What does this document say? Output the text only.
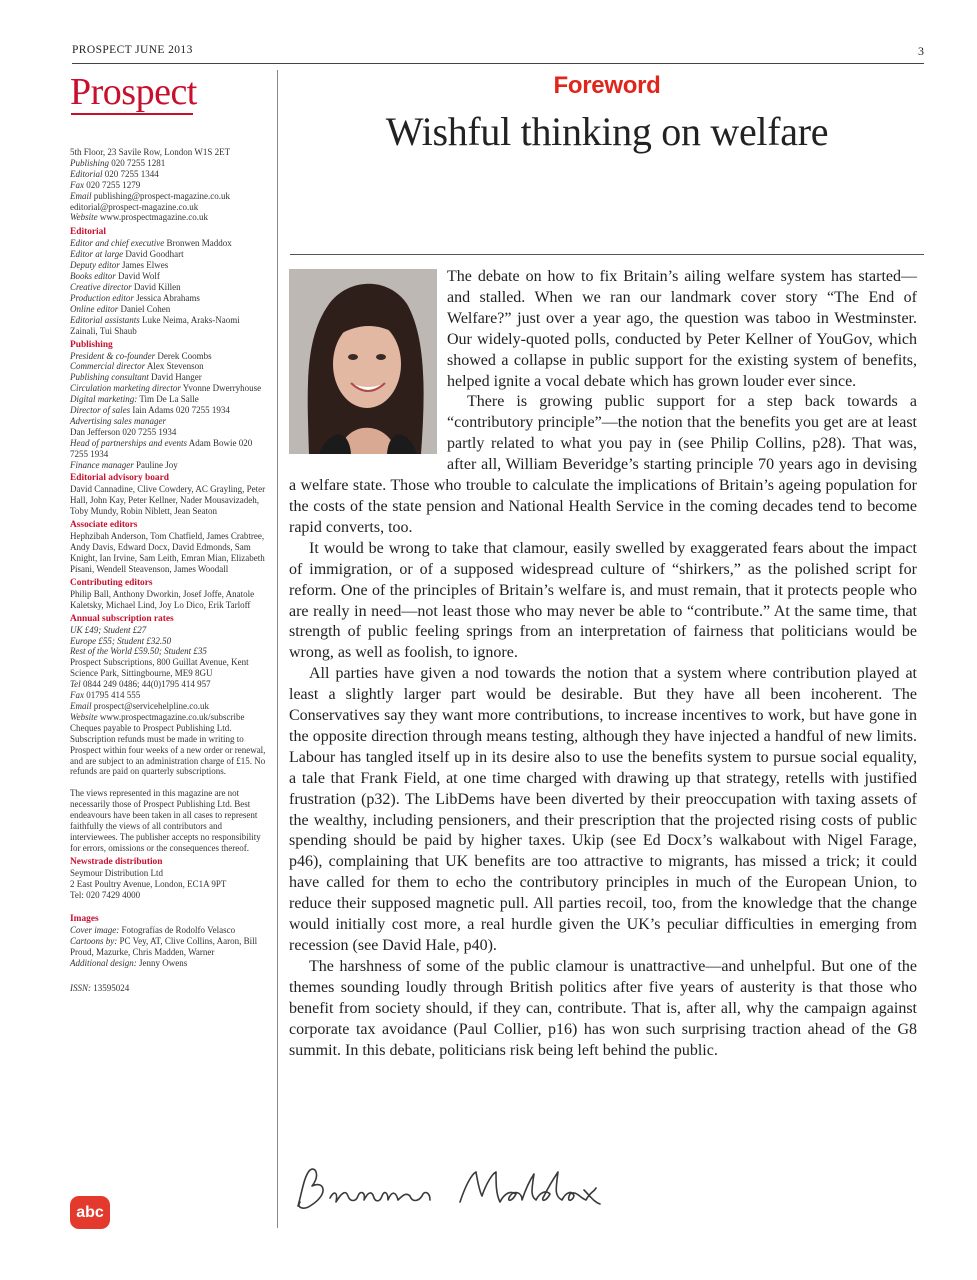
PROSPECT JUNE 2013	3
Prospect
5th Floor, 23 Savile Row, London W1S 2ET
Publishing 020 7255 1281
Editorial 020 7255 1344
Fax 020 7255 1279
Email publishing@prospect-magazine.co.uk
editorial@prospect-magazine.co.uk
Website www.prospectmagazine.co.uk
Editorial
Editor and chief executive Bronwen Maddox
Editor at large David Goodhart
Deputy editor James Elwes
Books editor David Wolf
Creative director David Killen
Production editor Jessica Abrahams
Online editor Daniel Cohen
Editorial assistants Luke Neima, Araks-Naomi Zainali, Tui Shaub
Publishing
President & co-founder Derek Coombs
Commercial director Alex Stevenson
Publishing consultant David Hanger
Circulation marketing director Yvonne Dwerryhouse
Digital marketing: Tim De La Salle
Director of sales Iain Adams 020 7255 1934
Advertising sales manager
Dan Jefferson 020 7255 1934
Head of partnerships and events Adam Bowie 020 7255 1934
Finance manager Pauline Joy
Editorial advisory board
David Cannadine, Clive Cowdery, AC Grayling, Peter Hall, John Kay, Peter Kellner, Nader Mousavizadeh, Toby Mundy, Robin Niblett, Jean Seaton
Associate editors
Hephzibah Anderson, Tom Chatfield, James Crabtree, Andy Davis, Edward Docx, David Edmonds, Sam Knight, Ian Irvine, Sam Leith, Emran Mian, Elizabeth Pisani, Wendell Steavenson, James Woodall
Contributing editors
Philip Ball, Anthony Dworkin, Josef Joffe, Anatole Kaletsky, Michael Lind, Joy Lo Dico, Erik Tarloff
Annual subscription rates
UK £49; Student £27
Europe £55; Student £32.50
Rest of the World £59.50; Student £35
Prospect Subscriptions, 800 Guillat Avenue, Kent Science Park, Sittingbourne, ME9 8GU
Tel 0844 249 0486; 44(0)1795 414 957
Fax 01795 414 555
Email prospect@servicehelpline.co.uk
Website www.prospectmagazine.co.uk/subscribe
Cheques payable to Prospect Publishing Ltd. Subscription refunds must be made in writing to Prospect within four weeks of a new order or renewal, and are subject to an administration charge of £15. No refunds are paid on quarterly subscriptions.
The views represented in this magazine are not necessarily those of Prospect Publishing Ltd. Best endeavours have been taken in all cases to represent faithfully the views of all contributors and interviewees. The publisher accepts no responsibility for errors, omissions or the consequences thereof.
Newstrade distribution
Seymour Distribution Ltd
2 East Poultry Avenue, London, EC1A 9PT
Tel: 020 7429 4000
Images
Cover image: Fotografías de Rodolfo Velasco
Cartoons by: PC Vey, AT, Clive Collins, Aaron, Bill Proud, Mazurke, Chris Madden, Warner
Additional design: Jenny Owens
ISSN: 13595024
abc
Foreword
Wishful thinking on welfare

The debate on how to fix Britain’s ailing welfare system has started—and stalled. When we ran our landmark cover story “The End of Welfare?” just over a year ago, the question was taboo in Westminster. Our widely-quoted polls, conducted by Peter Kellner of YouGov, which showed a collapse in public support for the existing system of benefits, helped ignite a vocal debate which has grown louder ever since.

There is growing public support for a step back towards a “contributory principle”—the notion that the benefits you get are at least partly related to what you pay in (see Philip Collins, p28). That was, after all, William Beveridge’s starting principle 70 years ago in devising a welfare state. Those who trouble to calculate the implications of Britain’s ageing population for the costs of the state pension and National Health Service in the coming decades tend to become rapid converts, too.

It would be wrong to take that clamour, easily swelled by exaggerated fears about the impact of immigration, or of a supposed widespread culture of “shirkers,” as the polished script for reform. One of the principles of Britain’s welfare is, and must remain, that it protects people who are really in need—not least those who may never be able to “contribute.” At the same time, that strength of public feeling springs from an interpretation of fairness that politicians would be wrong, as well as foolish, to ignore.

All parties have given a nod towards the notion that a system where contribution played at least a slightly larger part would be desirable. But they have all been incoherent. The Conservatives say they want more contributions, to increase incentives to work, but have gone in the opposite direction through means testing, although they have injected a handful of new limits. Labour has tangled itself up in its desire also to use the benefits system to pursue social equality, a tale that Frank Field, at one time charged with drawing up that strategy, retells with justified frustration (p32). The LibDems have been diverted by their preoccupation with taxing assets of the wealthy, including pensioners, and their prescription that the projected rising costs of public spending should be paid by higher taxes. Ukip (see Ed Docx’s walkabout with Nigel Farage, p46), complaining that UK benefits are too attractive to migrants, has missed a trick; it could have called for them to echo the contributory principles in much of the European Union, to reduce their supposed magnetic pull. All parties recoil, too, from the knowledge that the change would initially cost more, a real hurdle given the UK’s peculiar difficulties in emerging from recession (see David Hale, p40).

The harshness of some of the public clamour is unattractive—and unhelpful. But one of the themes sounding loudly through British politics after five years of austerity is that those who benefit from society should, if they can, contribute. That is, after all, why the campaign against corporate tax avoidance (Paul Collier, p16) has won such surprising traction ahead of the G8 summit. In this debate, politicians risk being left behind the public.
